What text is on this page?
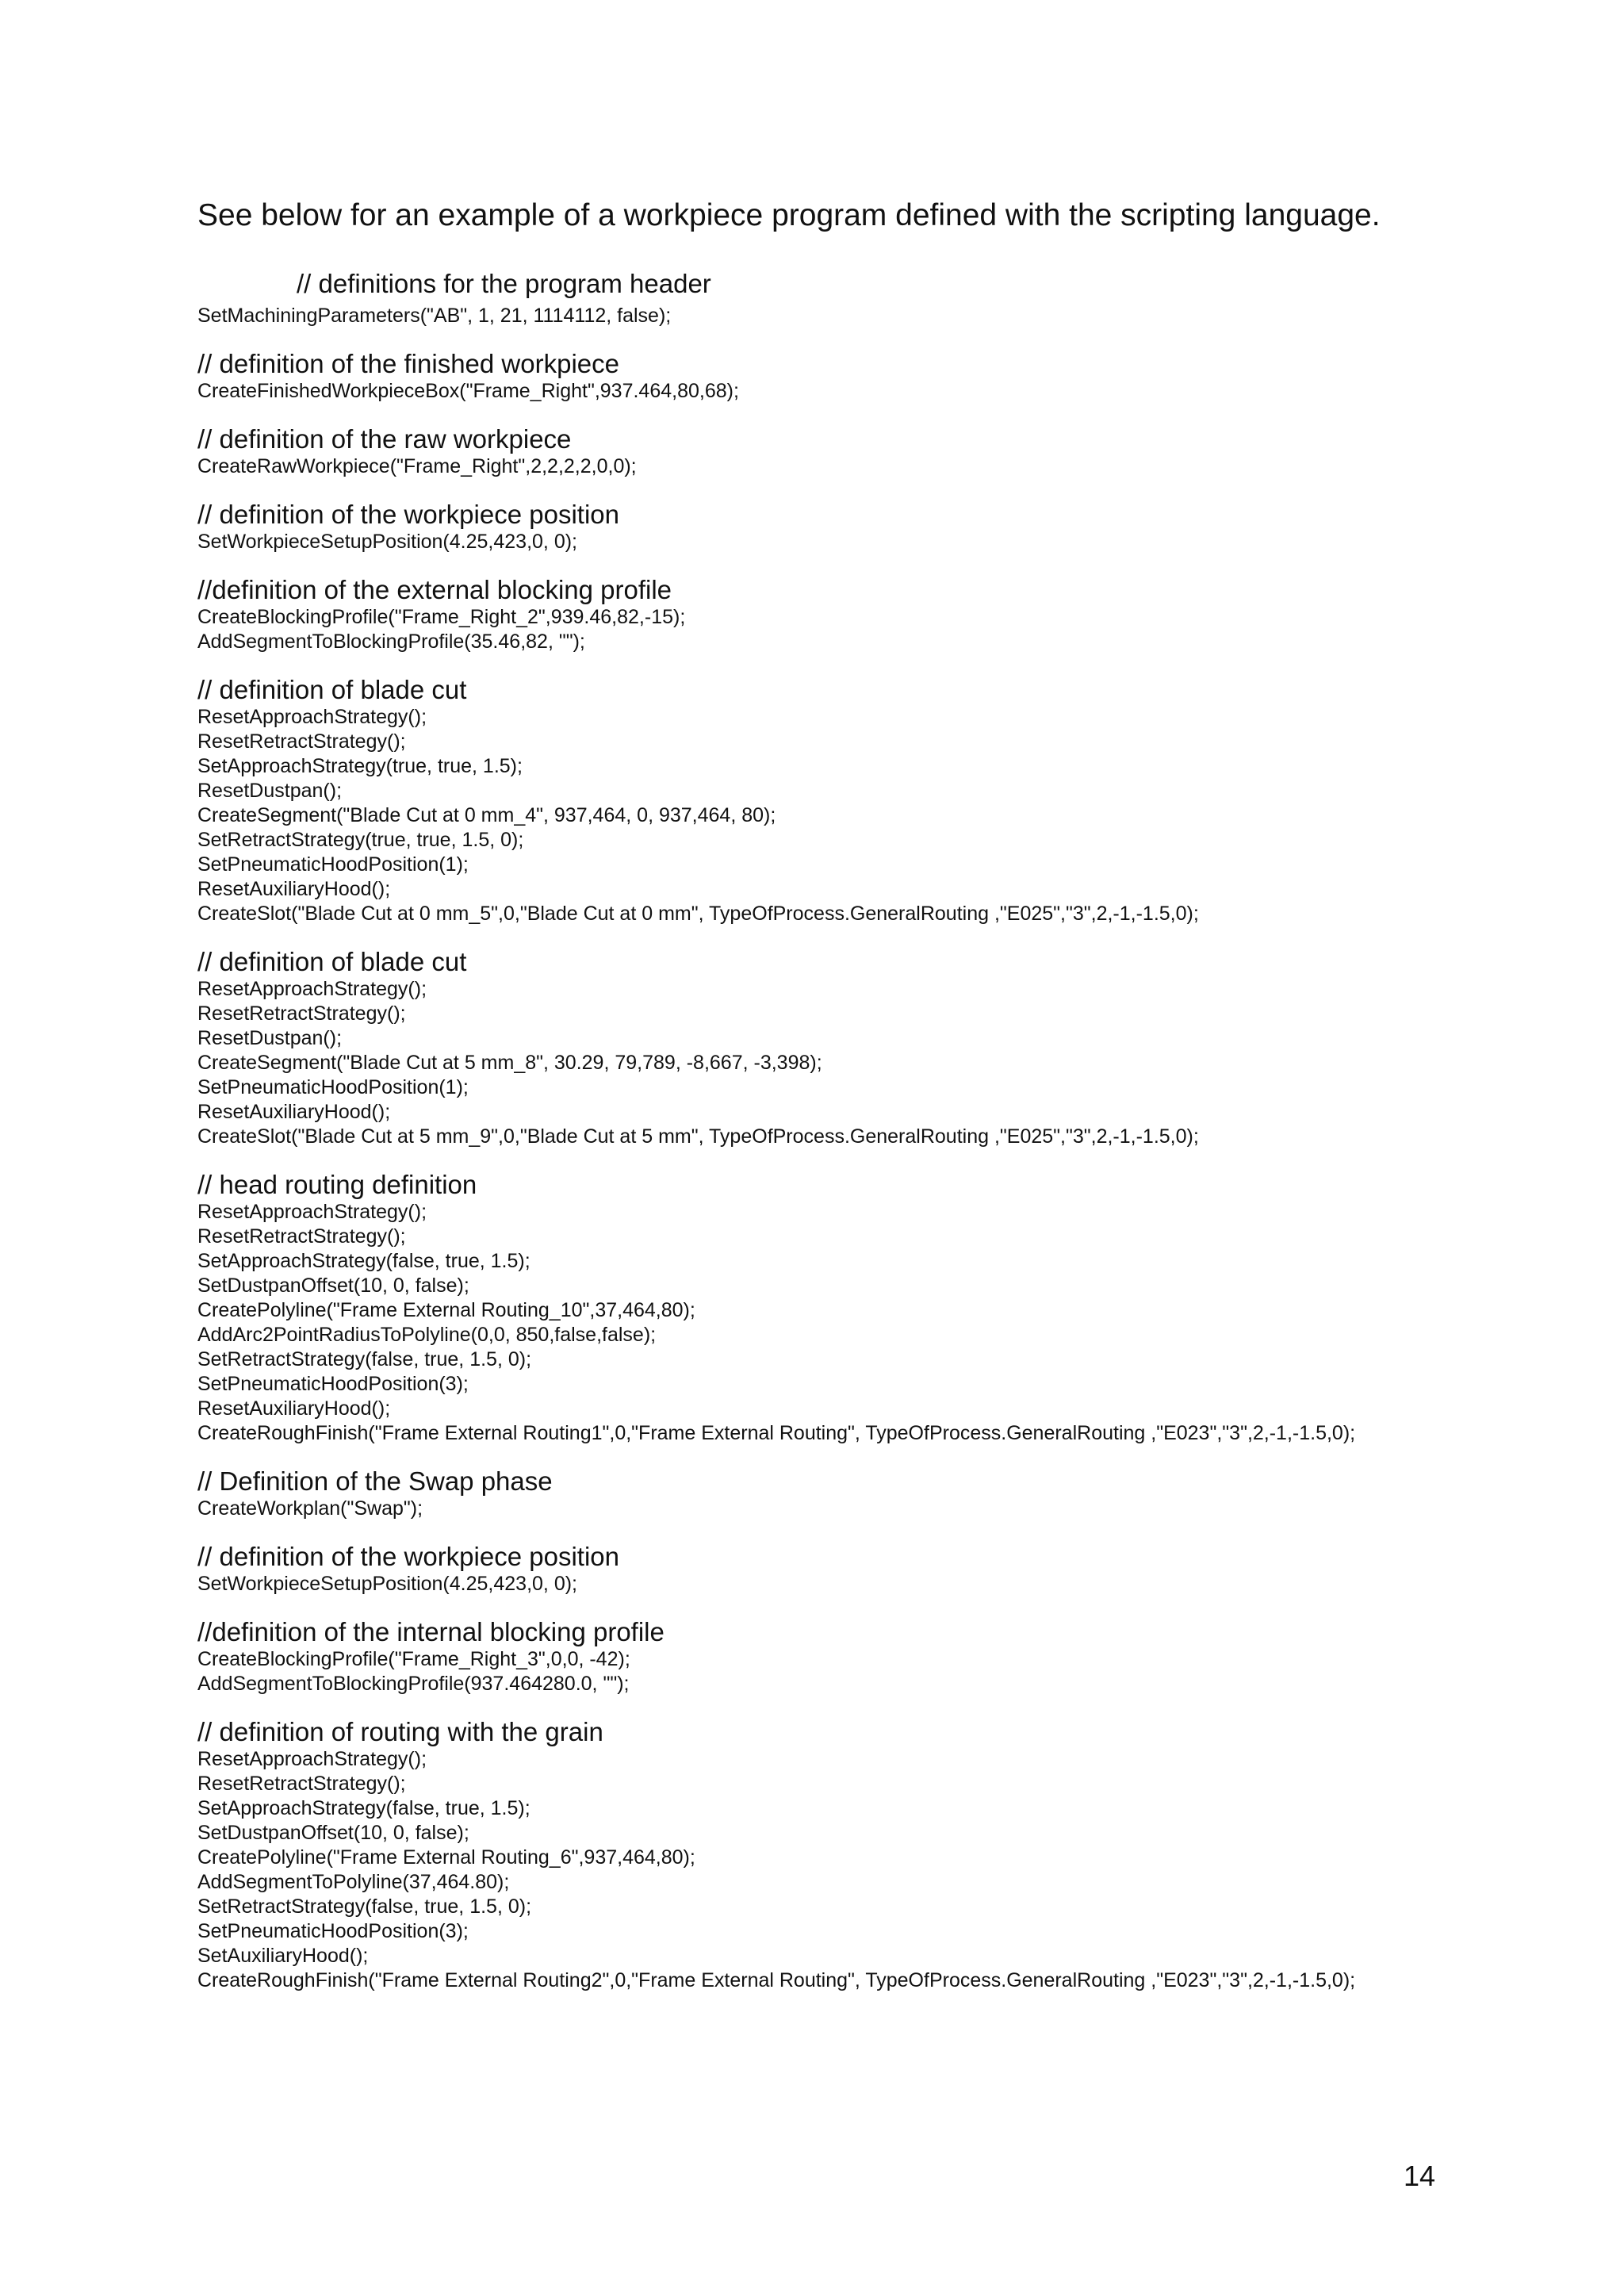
See below for an example of a workpiece program defined with the scripting language.

// definitions for the program header
SetMachiningParameters("AB", 1, 21, 1114112, false);
// definition of the finished workpiece
CreateFinishedWorkpieceBox("Frame_Right",937.464,80,68);
// definition of the raw workpiece
CreateRawWorkpiece("Frame_Right",2,2,2,2,0,0);
// definition of the workpiece position
SetWorkpieceSetupPosition(4.25,423,0, 0);
//definition of the external blocking profile
CreateBlockingProfile("Frame_Right_2",939.46,82,-15);
AddSegmentToBlockingProfile(35.46,82, "");
// definition of blade cut
ResetApproachStrategy();
ResetRetractStrategy();
SetApproachStrategy(true, true, 1.5);
ResetDustpan();
CreateSegment("Blade Cut at 0 mm_4", 937,464, 0, 937,464, 80);
SetRetractStrategy(true, true, 1.5, 0);
SetPneumaticHoodPosition(1);
ResetAuxiliaryHood();
CreateSlot("Blade Cut at 0 mm_5",0,"Blade Cut at 0 mm", TypeOfProcess.GeneralRouting ,"E025","3",2,-1,-1.5,0);
// definition of blade cut
ResetApproachStrategy();
ResetRetractStrategy();
ResetDustpan();
CreateSegment("Blade Cut at 5 mm_8", 30.29, 79,789, -8,667, -3,398);
SetPneumaticHoodPosition(1);
ResetAuxiliaryHood();
CreateSlot("Blade Cut at 5 mm_9",0,"Blade Cut at 5 mm", TypeOfProcess.GeneralRouting ,"E025","3",2,-1,-1.5,0);
// head routing definition
ResetApproachStrategy();
ResetRetractStrategy();
SetApproachStrategy(false, true, 1.5);
SetDustpanOffset(10, 0, false);
CreatePolyline("Frame External Routing_10",37,464,80);
AddArc2PointRadiusToPolyline(0,0, 850,false,false);
SetRetractStrategy(false, true, 1.5, 0);
SetPneumaticHoodPosition(3);
ResetAuxiliaryHood();
CreateRoughFinish("Frame External Routing1",0,"Frame External Routing", TypeOfProcess.GeneralRouting ,"E023","3",2,-1,-1.5,0);
// Definition of the Swap phase
CreateWorkplan("Swap");
// definition of the workpiece position
SetWorkpieceSetupPosition(4.25,423,0, 0);
//definition of the internal blocking profile
CreateBlockingProfile("Frame_Right_3",0,0, -42);
AddSegmentToBlockingProfile(937.464280.0, "");
// definition of routing with the grain
ResetApproachStrategy();
ResetRetractStrategy();
SetApproachStrategy(false, true, 1.5);
SetDustpanOffset(10, 0, false);
CreatePolyline("Frame External Routing_6",937,464,80);
AddSegmentToPolyline(37,464.80);
SetRetractStrategy(false, true, 1.5, 0);
SetPneumaticHoodPosition(3);
SetAuxiliaryHood();
CreateRoughFinish("Frame External Routing2",0,"Frame External Routing", TypeOfProcess.GeneralRouting ,"E023","3",2,-1,-1.5,0);
14
